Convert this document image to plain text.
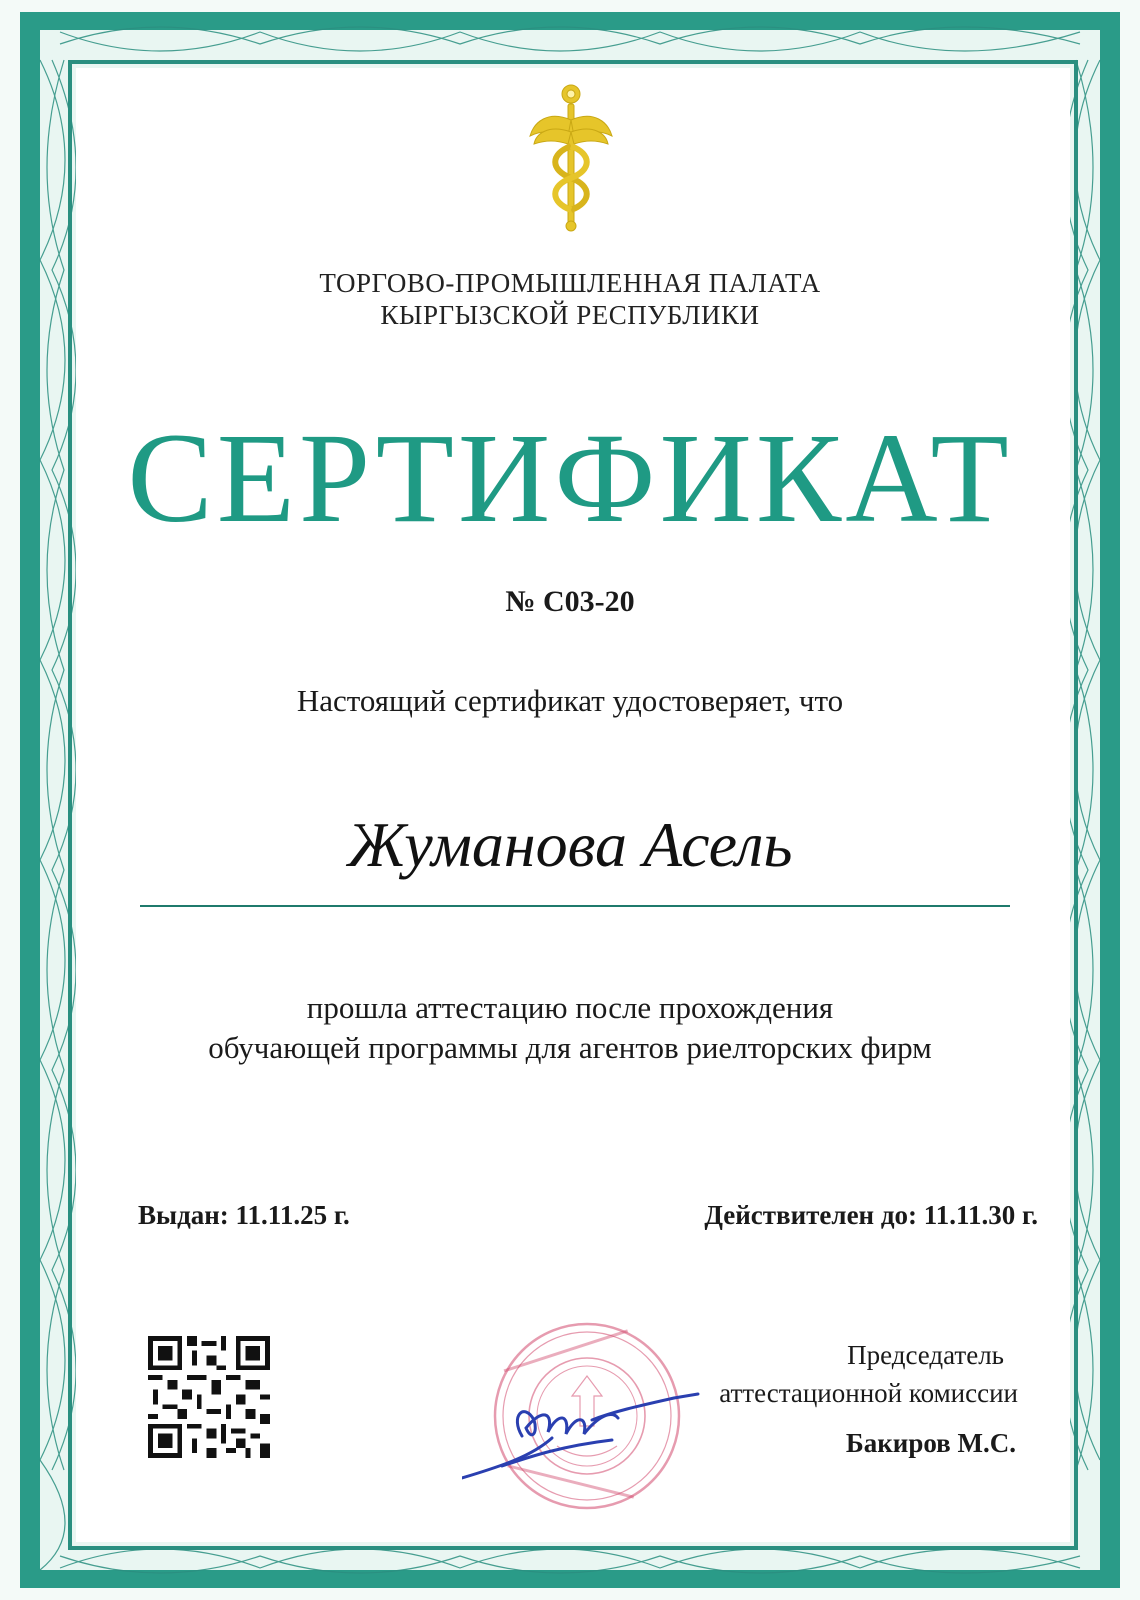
ТОРГОВО-ПРОМЫШЛЕННАЯ ПАЛАТА
КЫРГЫЗСКОЙ РЕСПУБЛИКИ
СЕРТИФИКАТ
№ С03-20
Настоящий сертификат удостоверяет, что
Жуманова Асель
прошла аттестацию после прохождения
обучающей программы для агентов риелторских фирм
Выдан: 11.11.25 г.	Действителен до: 11.11.30 г.
Председатель
аттестационной комиссии
Бакиров М.С.
